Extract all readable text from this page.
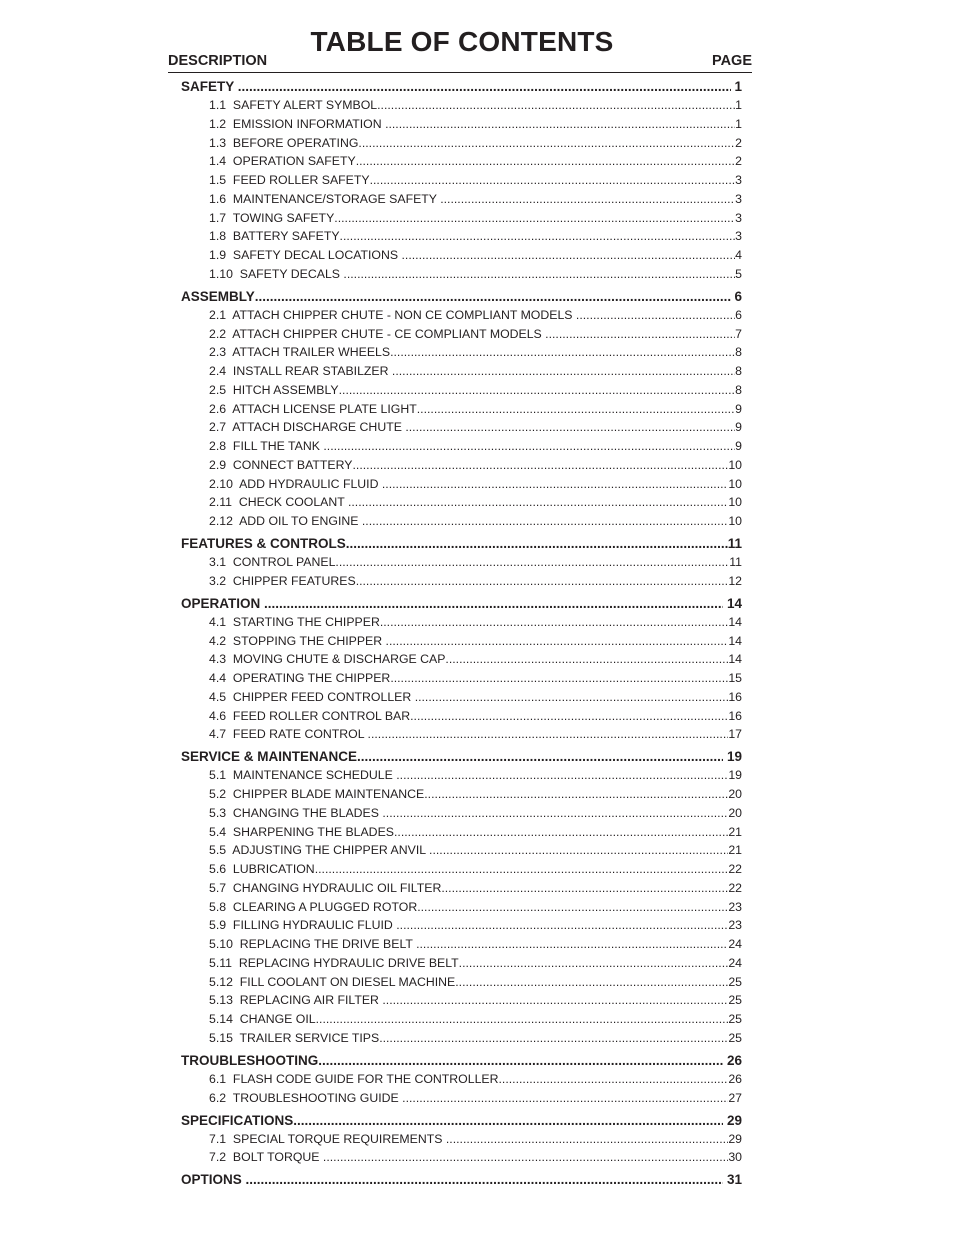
TABLE OF CONTENTS
DESCRIPTION	PAGE
SAFETY .....	1
1.1  SAFETY ALERT SYMBOL .....	1
1.2  EMISSION INFORMATION .....	1
1.3  BEFORE OPERATING .....	2
1.4  OPERATION SAFETY .....	2
1.5  FEED ROLLER SAFETY .....	3
1.6  MAINTENANCE/STORAGE SAFETY .....	3
1.7  TOWING SAFETY .....	3
1.8  BATTERY SAFETY .....	3
1.9  SAFETY DECAL LOCATIONS .....	4
1.10  SAFETY DECALS .....	5
ASSEMBLY .....	6
2.1  ATTACH CHIPPER CHUTE - NON CE COMPLIANT MODELS .....	6
2.2  ATTACH CHIPPER CHUTE - CE COMPLIANT MODELS .....	7
2.3  ATTACH TRAILER WHEELS .....	8
2.4  INSTALL REAR STABILZER .....	8
2.5  HITCH ASSEMBLY .....	8
2.6  ATTACH LICENSE PLATE LIGHT .....	9
2.7  ATTACH DISCHARGE CHUTE .....	9
2.8  FILL THE TANK .....	9
2.9  CONNECT BATTERY .....	10
2.10  ADD HYDRAULIC FLUID .....	10
2.11  CHECK COOLANT .....	10
2.12  ADD OIL TO ENGINE .....	10
FEATURES & CONTROLS .....	11
3.1  CONTROL PANEL .....	11
3.2  CHIPPER FEATURES .....	12
OPERATION .....	14
4.1  STARTING THE CHIPPER .....	14
4.2  STOPPING THE CHIPPER .....	14
4.3  MOVING CHUTE & DISCHARGE CAP .....	14
4.4  OPERATING THE CHIPPER .....	15
4.5  CHIPPER FEED CONTROLLER .....	16
4.6  FEED ROLLER CONTROL BAR .....	16
4.7  FEED RATE CONTROL .....	17
SERVICE & MAINTENANCE .....	19
5.1  MAINTENANCE SCHEDULE .....	19
5.2  CHIPPER BLADE MAINTENANCE .....	20
5.3  CHANGING THE BLADES .....	20
5.4  SHARPENING THE BLADES .....	21
5.5  ADJUSTING THE CHIPPER ANVIL .....	21
5.6  LUBRICATION .....	22
5.7  CHANGING HYDRAULIC OIL FILTER .....	22
5.8  CLEARING A PLUGGED ROTOR .....	23
5.9  FILLING HYDRAULIC FLUID .....	23
5.10  REPLACING THE DRIVE BELT .....	24
5.11  REPLACING HYDRAULIC DRIVE BELT .....	24
5.12  FILL COOLANT ON DIESEL MACHINE .....	25
5.13  REPLACING AIR FILTER .....	25
5.14  CHANGE OIL .....	25
5.15  TRAILER SERVICE TIPS .....	25
TROUBLESHOOTING .....	26
6.1  FLASH CODE GUIDE FOR THE CONTROLLER .....	26
6.2  TROUBLESHOOTING GUIDE .....	27
SPECIFICATIONS .....	29
7.1  SPECIAL TORQUE REQUIREMENTS .....	29
7.2  BOLT TORQUE .....	30
OPTIONS .....	31
